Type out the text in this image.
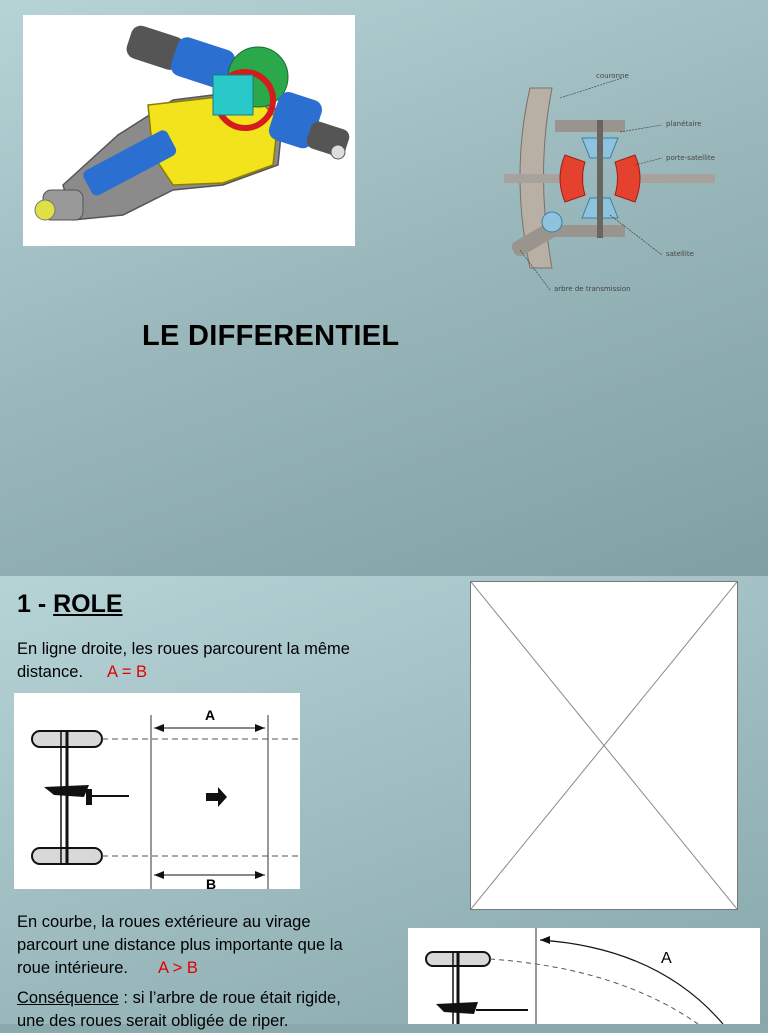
couronne
planétaire
porte-satellite
satellite
arbre de transmission
LE DIFFERENTIEL
1 - ROLE
En ligne droite, les roues parcourent la même
distance. A = B
A
B
En courbe, la roues extérieure au virage
parcourt une distance plus importante que la
roue intérieure. A > B
Conséquence : si l’arbre de roue était rigide,
une des roues serait obligée de riper.
A
